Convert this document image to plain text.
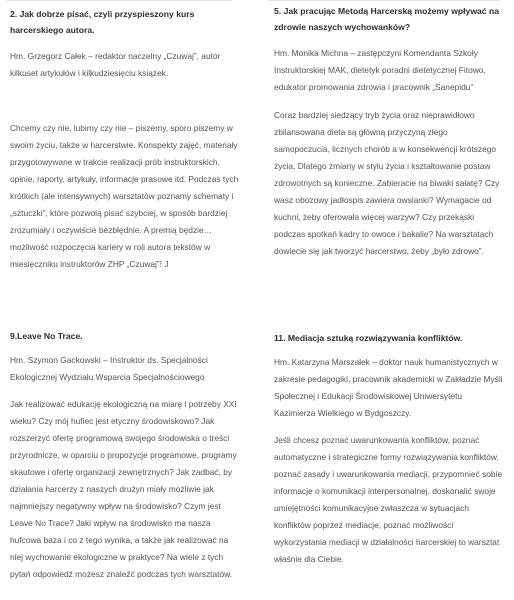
2. Jak dobrze pisać, czyli przyspieszony kurs harcerskiego autora.

Hm. Grzegorz Całek – redaktor naczelny „Czuwaj”, autor kilkuset artykułów i kilkudziesięciu książek.

Chcemy czy nie, lubimy czy nie – piszemy, sporo piszemy w swoim życiu, także w harcerstwie. Konspekty zajęć, materiały przygotowywane w trakcie realizacji prób instruktorskich, opinie, raporty, artykuły, informacje prasowe itd. Podczas tych krótkich (ale intensywnych) warsztatów poznamy schematy i „sztuczki”, które pozwolą pisać szybciej, w sposób bardziej zrozumiały i oczywiście bezbłędnie. A premią będzie… możliwość rozpoczęcia kariery w roli autora tekstów w miesięczniku instruktorów ZHP „Czuwaj”! J

5. Jak pracując Metodą Harcerską możemy wpływać na zdrowie naszych wychowanków?

Hm. Monika Michna – zastępczyni Komendanta Szkoły Instruktorskiej MAK, dietetyk poradni dietetycznej Fitowo, edukator promowania zdrowia i pracownik „Sanepidu”

Coraz bardziej siedzący tryb życia oraz nieprawidłowo zbilansowana dieta są główną przyczyną złego samopoczucia, licznych chorób a w konsekwencji krótszego życia. Dlatego zmiany w stylu życia i kształtowanie postaw zdrowotnych są konieczne. Zabieracie na biwaki sałatę? Czy wasz obozowy jadłospis zawiera owsianki? Wymagacie od kuchni, żeby oferowała więcej warzyw? Czy przekąski podczas spotkań kadry to owoce i bakalie? Na warsztatach dowiecie się jak tworzyć harcerstwo, żeby „było zdrowo”.

9.Leave No Trace.

Hm. Szymon Gackowski – Instruktor ds. Specjalności Ekologicznej Wydziału Wsparcia Specjalnościowego

Jak realizować edukację ekologiczną na miarę i potrzeby XXI wieku? Czy mój hufiec jest etyczny środowiskowo? Jak rozszerzyć ofertę programową swojego środowiska o treści przyrodnicze, w oparciu o propozycje programowe, programy skautowe i ofertę organizacji zewnętrznych? Jak zadbać, by działania harcerzy z naszych drużyn miały możliwie jak najmniejszy negatywny wpływ na środowisko? Czym jest Leave No Trace? Jaki wpływ na środowisko ma nasza hufcowa baza i co z tego wynika, a także jak realizować na niej wychowanie ekologiczne w praktyce? Na wiele z tych pytań odpowiedź możesz znaleźć podczas tych warsztatów.

11. Mediacja sztuką rozwiązywania konfliktów.

Hm. Katarzyna Marszałek – doktor nauk humanistycznych w zakresie pedagogiki, pracownik akademicki w Zakładzie Myśli Społecznej i Edukacji Środowiskowej Uniwersytetu Kazimierza Wielkiego w Bydgoszczy.

Jeśli chcesz poznać uwarunkowania konfliktów, poznać automatyczne i strategiczne formy rozwiązywania konfliktów, poznać zasady i uwarunkowania mediacji, przypomnieć sobie informacje o komunikacji interpersonalnej, doskonalić swoje umiejętności komunikacyjne zwłaszcza w sytuacjach konfliktów poprzez mediacje, poznać możliwości wykorzystania mediacji w działalności harcerskiej to warsztat właśnie dla Ciebie.
